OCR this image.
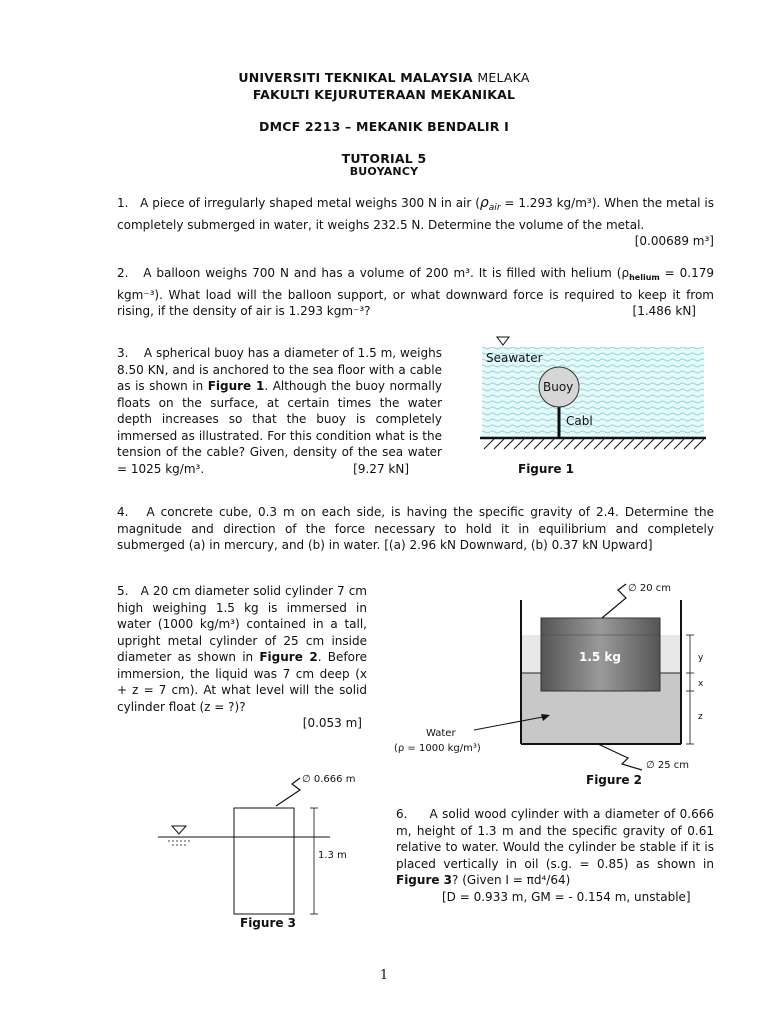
UNIVERSITI TEKNIKAL MALAYSIA MELAKA
FAKULTI KEJURUTERAAN MEKANIKAL
DMCF 2213 – MEKANIK BENDALIR I
TUTORIAL 5
BUOYANCY
1. A piece of irregularly shaped metal weighs 300 N in air ($\rho_{air} = 1.293$ kg/m³). When the metal is completely submerged in water, it weighs 232.5 N. Determine the volume of the metal.
[0.00689 m³]
2. A balloon weighs 700 N and has a volume of 200 m³. It is filled with helium ($\rho_{helium} = 0.179$ kgm⁻³). What load will the balloon support, or what downward force is required to keep it from rising, if the density of air is 1.293 kgm⁻³?	[1.486 kN]
3. A spherical buoy has a diameter of 1.5 m, weighs 8.50 KN, and is anchored to the sea floor with a cable as is shown in Figure 1. Although the buoy normally floats on the surface, at certain times the water depth increases so that the buoy is completely immersed as illustrated. For this condition what is the tension of the cable? Given, density of the sea water = 1025 kg/m³.	[9.27 kN]
Seawater
Buoy
Cabl
Figure 1
4. A concrete cube, 0.3 m on each side, is having the specific gravity of 2.4. Determine the magnitude and direction of the force necessary to hold it in equilibrium and completely submerged (a) in mercury, and (b) in water. [(a) 2.96 kN Downward, (b) 0.37 kN Upward]
5. A 20 cm diameter solid cylinder 7 cm high weighing 1.5 kg is immersed in water (1000 kg/m³) contained in a tall, upright metal cylinder of 25 cm inside diameter as shown in Figure 2. Before immersion, the liquid was 7 cm deep (x + z = 7 cm). At what level will the solid cylinder float (z = ?)?
[0.053 m]
1.5 kg	y
x
z
∅ 20 cm
∅ 25 cm
Water
(ρ = 1000 kg/m³)
Figure 2
∅ 0.666 m
1.3 m
Figure 3
6. A solid wood cylinder with a diameter of 0.666 m, height of 1.3 m and the specific gravity of 0.61 relative to water. Would the cylinder be stable if it is placed vertically in oil (s.g. = 0.85) as shown in Figure 3? (Given I = πd⁴/64)
[D = 0.933 m, GM = - 0.154 m, unstable]
1
